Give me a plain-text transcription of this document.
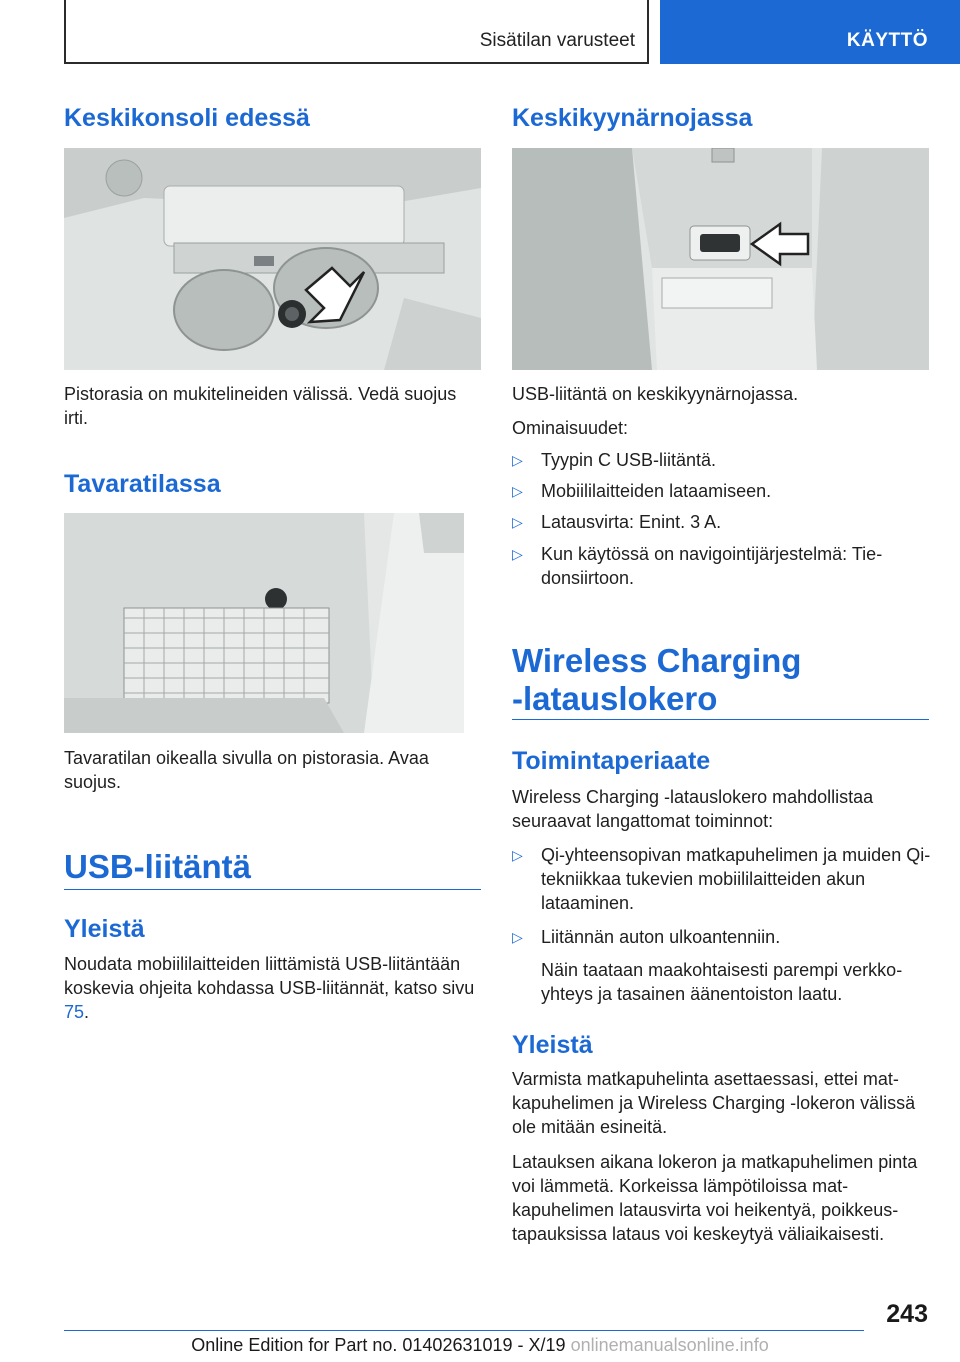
Sisätilan varusteet	KÄYTTÖ
Keskikonsoli edessä

Pistorasia on mukitelineiden välissä. Vedä suojus irti.

Tavaratilassa

Tavaratilan oikealla sivulla on pistorasia. Avaa suojus.

USB-liitäntä
Yleistä

Noudata mobiililaitteiden liittämistä USB-liitäntään koskevia ohjeita kohdassa USB-liitännät, katso sivu 75.

Keskikyynärnojassa

USB-liitäntä on keskikyynärnojassa.

Ominaisuudet:

▷ Tyypin C USB-liitäntä.
▷ Mobiililaitteiden lataamiseen.
▷ Latausvirta: Enint. 3 A.
▷ Kun käytössä on navigointijärjestelmä: Tiedonsiirtoon.
Wireless Charging ‑latauslokero
Toimintaperiaate

Wireless Charging ‑latauslokero mahdollistaa seuraavat langattomat toiminnot:

▷ Qi-yhteensopivan matkapuhelimen ja muiden Qi-tekniikkaa tukevien mobiililaitteiden akun lataaminen.
▷ Liitännän auton ulkoantenniin.

Näin taataan maakohtaisesti parempi verkkoyhteys ja tasainen äänentoiston laatu.

Yleistä

Varmista matkapuhelinta asettaessasi, ettei matkapuhelimen ja Wireless Charging ‑lokeron välissä ole mitään esineitä.

Latauksen aikana lokeron ja matkapuhelimen pinta voi lämmetä. Korkeissa lämpötiloissa matkapuhelimen latausvirta voi heikentyä, poikkeustapauksissa lataus voi keskeytyä väliaikaisesti.

243
Online Edition for Part no. 01402631019 - X/19 onlinemanualsonline.info
